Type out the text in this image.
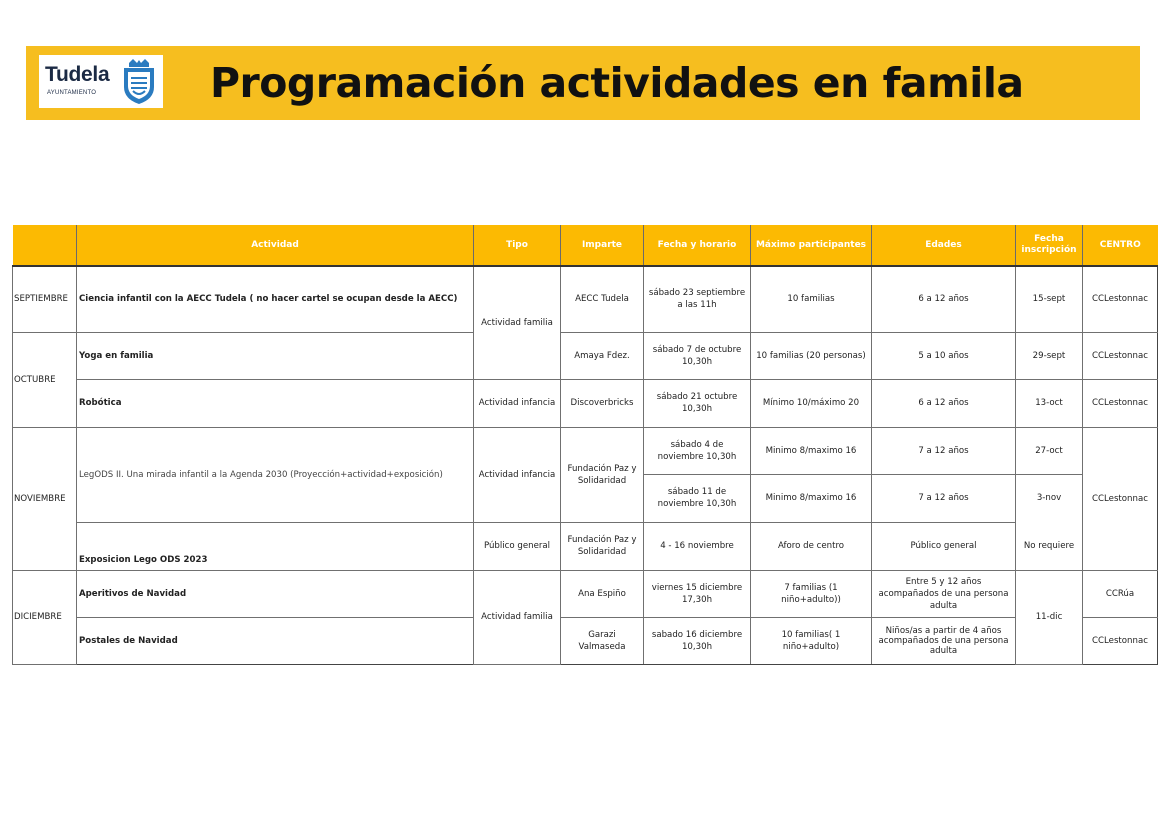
Tudela
AYUNTAMIENTO	Programación actividades en famila
	Actividad	Tipo	Imparte	Fecha y horario	Máximo participantes	Edades	Fecha inscripción	CENTRO
SEPTIEMBRE	Ciencia infantil con la AECC Tudela ( no hacer cartel se ocupan desde la AECC)	Actividad familia	AECC Tudela	sábado 23 septiembre a las 11h	10 familias	6 a 12 años	15-sept	CCLestonnac
OCTUBRE	Yoga en familia		Amaya Fdez.	sábado 7 de octubre 10,30h	10 familias (20 personas)	5 a 10 años	29-sept	CCLestonnac
	Robótica	Actividad infancia	Discoverbricks	sábado 21 octubre 10,30h	Mínimo 10/máximo 20	6 a 12 años	13-oct	CCLestonnac
NOVIEMBRE	LegODS II. Una mirada infantil a la Agenda 2030 (Proyección+actividad+exposición)	Actividad infancia	Fundación Paz y Solidaridad	sábado 4 de noviembre 10,30h	Minimo 8/maximo 16	7 a 12 años	27-oct	CCLestonnac
				sábado 11 de noviembre 10,30h	Minimo 8/maximo 16	7 a 12 años	3-nov	
	Exposicion Lego ODS 2023	Público general	Fundación Paz y Solidaridad	4 - 16 noviembre	Aforo de centro	Público general	No requiere	
DICIEMBRE	Aperitivos de Navidad	Actividad familia	Ana Espiño	viernes 15 diciembre 17,30h	7 familias (1 niño+adulto))	Entre 5 y 12 años acompañados de una persona adulta	11-dic	CCRúa
	Postales de Navidad		Garazi Valmaseda	sabado 16 diciembre 10,30h	10 familias( 1 niño+adulto)	Niños/as a partir de 4 años acompañados de una persona adulta		CCLestonnac
